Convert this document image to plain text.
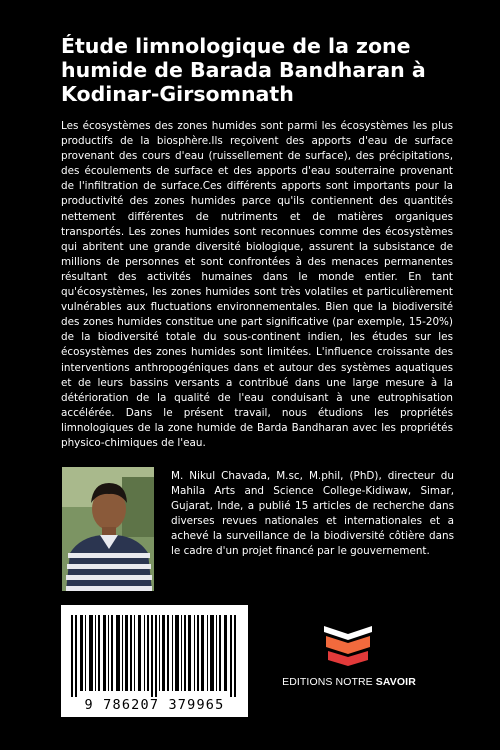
Étude limnologique de la zone humide de Barada Bandharan à Kodinar-Girsomnath

Les écosystèmes des zones humides sont parmi les écosystèmes les plus productifs de la biosphère.Ils reçoivent des apports d'eau de surface provenant des cours d'eau (ruissellement de surface), des précipitations, des écoulements de surface et des apports d'eau souterraine provenant de l'infiltration de surface.Ces différents apports sont importants pour la productivité des zones humides parce qu'ils contiennent des quantités nettement différentes de nutriments et de matières organiques transportés. Les zones humides sont reconnues comme des écosystèmes qui abritent une grande diversité biologique, assurent la subsistance de millions de personnes et sont confrontées à des menaces permanentes résultant des activités humaines dans le monde entier. En tant qu'écosystèmes, les zones humides sont très volatiles et particulièrement vulnérables aux fluctuations environnementales. Bien que la biodiversité des zones humides constitue une part significative (par exemple, 15-20%) de la biodiversité totale du sous-continent indien, les études sur les écosystèmes des zones humides sont limitées. L'influence croissante des interventions anthropogéniques dans et autour des systèmes aquatiques et de leurs bassins versants a contribué dans une large mesure à la détérioration de la qualité de l'eau conduisant à une eutrophisation accélérée. Dans le présent travail, nous étudions les propriétés limnologiques de la zone humide de Barda Bandharan avec les propriétés physico-chimiques de l'eau.

M. Nikul Chavada, M.sc, M.phil, (PhD), directeur du Mahila Arts and Science College-Kidiwaw, Simar, Gujarat, Inde, a publié 15 articles de recherche dans diverses revues nationales et internationales et a achevé la surveillance de la biodiversité côtière dans le cadre d'un projet financé par le gouvernement.

9 786207 379965
EDITIONS NOTRE SAVOIR
